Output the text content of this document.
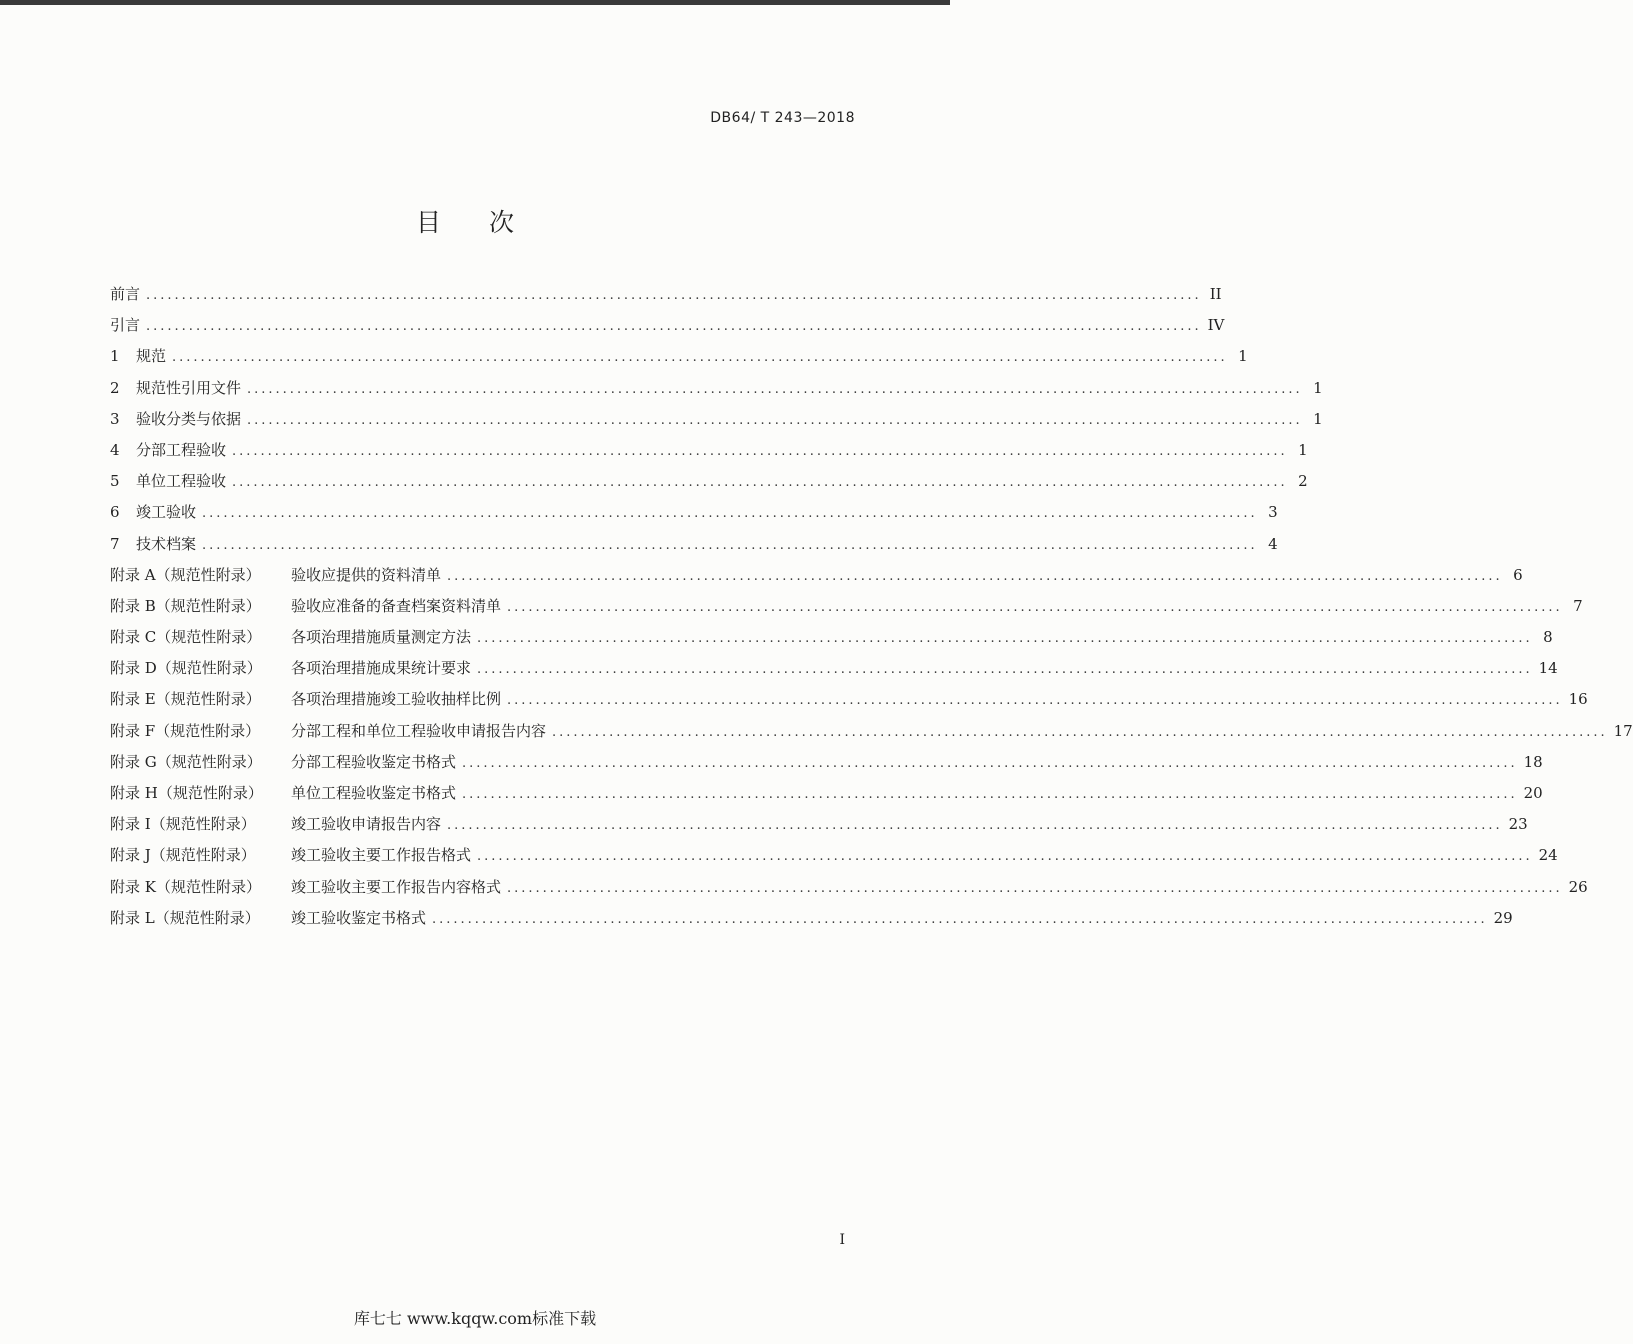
DB64/ T 243—2018
目 次
前言 .................................................................................................................................................... II
引言 .................................................................................................................................................... IV
1	规范 .................................................................................................................................................... 1
2	规范性引用文件 .................................................................................................................................................... 1
3	验收分类与依据 .................................................................................................................................................... 1
4	分部工程验收 .................................................................................................................................................... 1
5	单位工程验收 .................................................................................................................................................... 2
6	竣工验收 .................................................................................................................................................... 3
7	技术档案 .................................................................................................................................................... 4
附录 A（规范性附录）	验收应提供的资料清单 .................................................................................................................................................... 6
附录 B（规范性附录）	验收应准备的备查档案资料清单 .................................................................................................................................................... 7
附录 C（规范性附录）	各项治理措施质量测定方法 .................................................................................................................................................... 8
附录 D（规范性附录）	各项治理措施成果统计要求 .................................................................................................................................................... 14
附录 E（规范性附录）	各项治理措施竣工验收抽样比例 .................................................................................................................................................... 16
附录 F（规范性附录）	分部工程和单位工程验收申请报告内容 .................................................................................................................................................... 17
附录 G（规范性附录）	分部工程验收鉴定书格式 .................................................................................................................................................... 18
附录 H（规范性附录）	单位工程验收鉴定书格式 .................................................................................................................................................... 20
附录 I（规范性附录）	竣工验收申请报告内容 .................................................................................................................................................... 23
附录 J（规范性附录）	竣工验收主要工作报告格式 .................................................................................................................................................... 24
附录 K（规范性附录）	竣工验收主要工作报告内容格式 .................................................................................................................................................... 26
附录 L（规范性附录）	竣工验收鉴定书格式 .................................................................................................................................................... 29
I
库七七 www.kqqw.com标准下载
